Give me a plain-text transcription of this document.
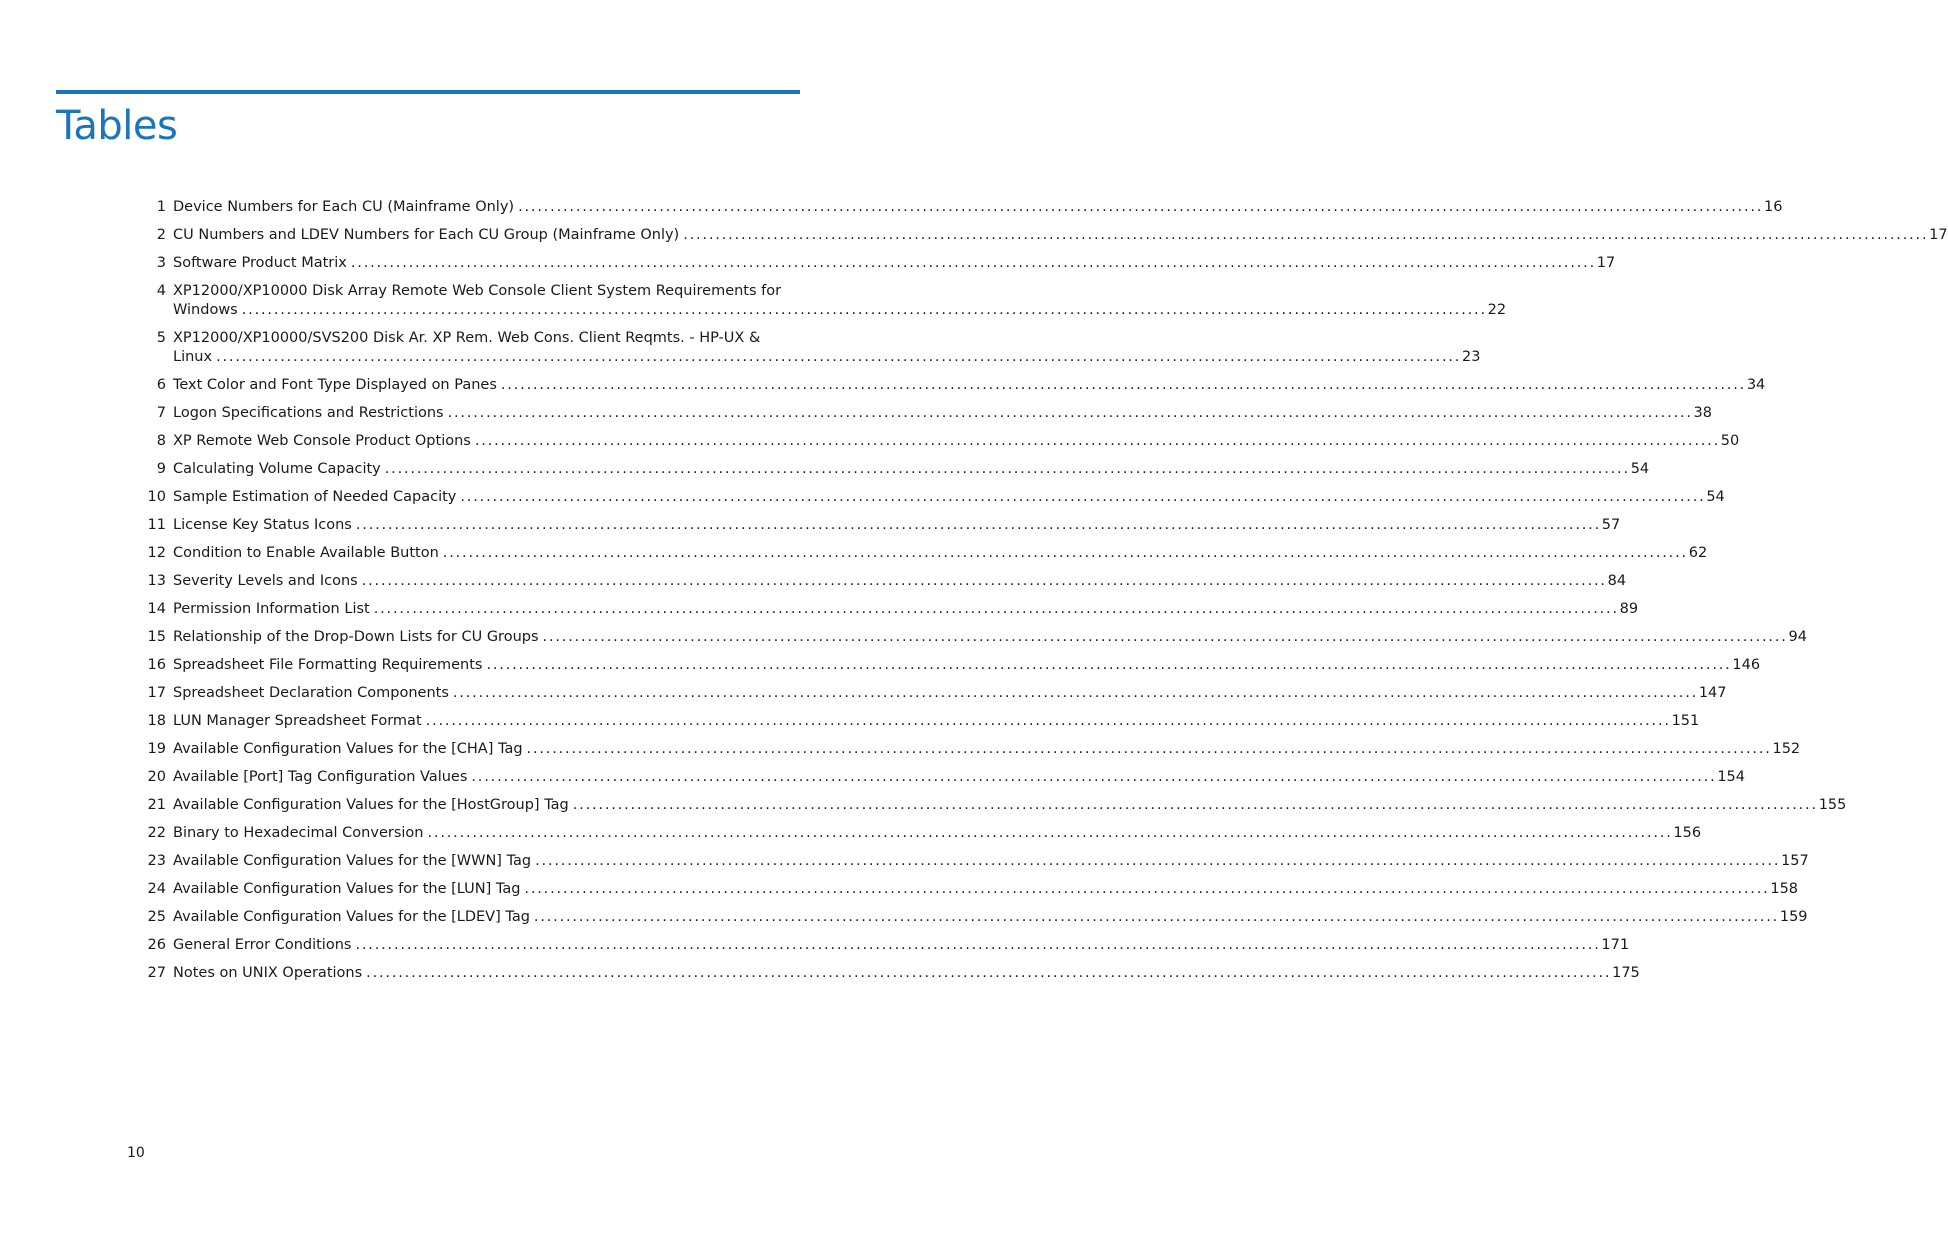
Tables
1 Device Numbers for Each CU (Mainframe Only) . . .	16
2 CU Numbers and LDEV Numbers for Each CU Group (Mainframe Only) . . .	17
3 Software Product Matrix . . .	17
4 XP12000/XP10000 Disk Array Remote Web Console Client System Requirements for
Windows . . .	22
5 XP12000/XP10000/SVS200 Disk Ar. XP Rem. Web Cons. Client Reqmts. - HP-UX &
Linux . . .	23
6 Text Color and Font Type Displayed on Panes . . .	34
7 Logon Specifications and Restrictions . . .	38
8 XP Remote Web Console Product Options . . .	50
9 Calculating Volume Capacity . . .	54
10 Sample Estimation of Needed Capacity . . .	54
11 License Key Status Icons . . .	57
12 Condition to Enable Available Button . . .	62
13 Severity Levels and Icons . . .	84
14 Permission Information List . . .	89
15 Relationship of the Drop-Down Lists for CU Groups . . .	94
16 Spreadsheet File Formatting Requirements . . .	146
17 Spreadsheet Declaration Components . . .	147
18 LUN Manager Spreadsheet Format . . .	151
19 Available Configuration Values for the [CHA] Tag . . .	152
20 Available [Port] Tag Configuration Values . . .	154
21 Available Configuration Values for the [HostGroup] Tag . . .	155
22 Binary to Hexadecimal Conversion . . .	156
23 Available Configuration Values for the [WWN] Tag . . .	157
24 Available Configuration Values for the [LUN] Tag . . .	158
25 Available Configuration Values for the [LDEV] Tag . . .	159
26 General Error Conditions . . .	171
27 Notes on UNIX Operations . . .	175
10
